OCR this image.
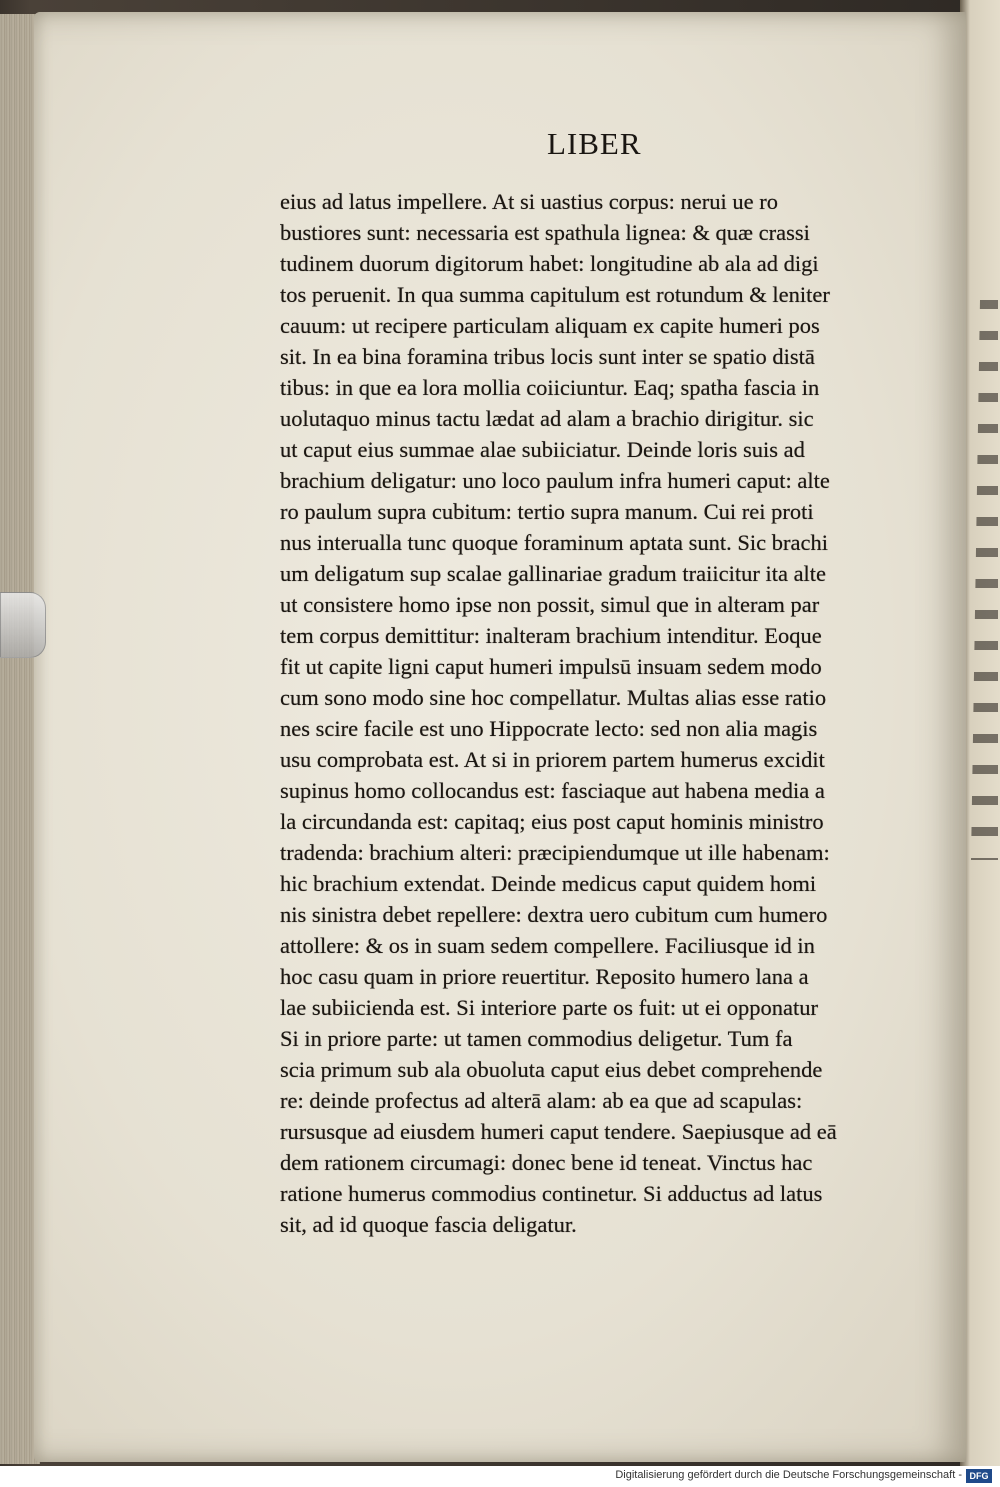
LIBER
eius ad latus impellere. At si uastius corpus: nerui ue ro
bustiores sunt: necessaria est spathula lignea: & quæ crassi
tudinem duorum digitorum habet: longitudine ab ala ad digi
tos peruenit. In qua summa capitulum est rotundum & leniter
cauum: ut recipere particulam aliquam ex capite humeri pos
sit. In ea bina foramina tribus locis sunt inter se spatio distā
tibus: in que ea lora mollia coiiciuntur. Eaq; spatha fascia in
uolutaquo minus tactu lædat ad alam a brachio dirigitur. sic
ut caput eius summae alae subiiciatur. Deinde loris suis ad
brachium deligatur: uno loco paulum infra humeri caput: alte
ro paulum supra cubitum: tertio supra manum. Cui rei proti
nus interualla tunc quoque foraminum aptata sunt. Sic brachi
um deligatum sup scalae gallinariae gradum traiicitur ita alte
ut consistere homo ipse non possit, simul que in alteram par
tem corpus demittitur: inalteram brachium intenditur. Eoque
fit ut capite ligni caput humeri impulsū insuam sedem modo
cum sono modo sine hoc compellatur. Multas alias esse ratio
nes scire facile est uno Hippocrate lecto: sed non alia magis
usu comprobata est. At si in priorem partem humerus excidit
supinus homo collocandus est: fasciaque aut habena media a
la circundanda est: capitaq; eius post caput hominis ministro
tradenda: brachium alteri: præcipiendumque ut ille habenam:
hic brachium extendat. Deinde medicus caput quidem homi
nis sinistra debet repellere: dextra uero cubitum cum humero
attollere: & os in suam sedem compellere. Faciliusque id in
hoc casu quam in priore reuertitur. Reposito humero lana a
lae subiicienda est. Si interiore parte os fuit: ut ei opponatur
Si in priore parte: ut tamen commodius deligetur. Tum fa
scia primum sub ala obuoluta caput eius debet comprehende
re: deinde profectus ad alterā alam: ab ea que ad scapulas:
rursusque ad eiusdem humeri caput tendere. Saepiusque ad eā
dem rationem circumagi: donec bene id teneat. Vinctus hac
ratione humerus commodius continetur. Si adductus ad latus
sit, ad id quoque fascia deligatur.
Digitalisierung gefördert durch die Deutsche Forschungsgemeinschaft - DFG
